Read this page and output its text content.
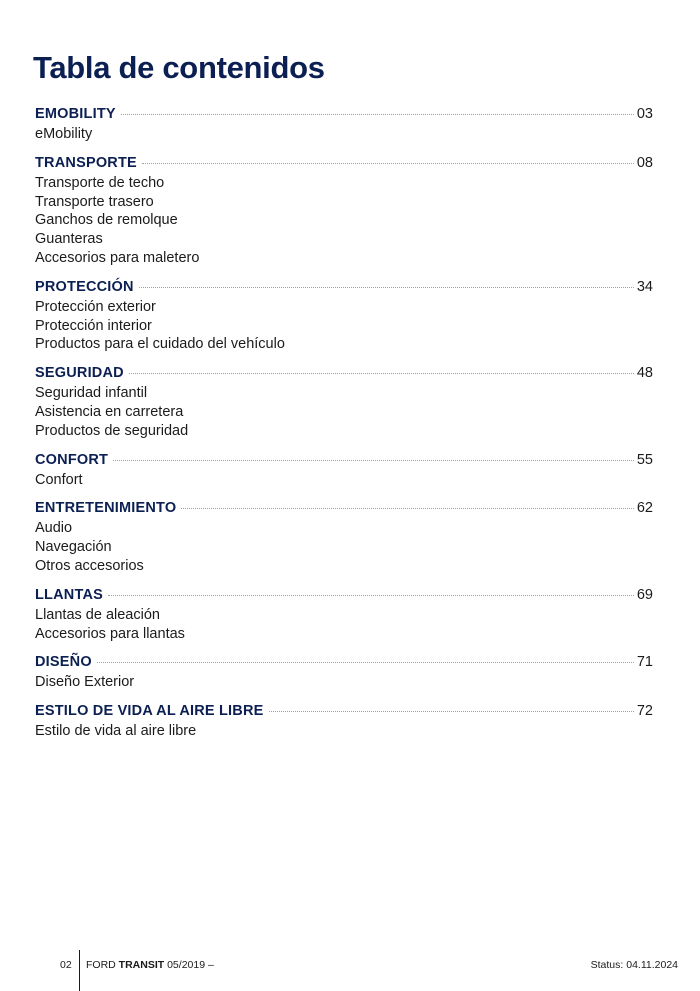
Tabla de contenidos
EMOBILITY	03
eMobility
TRANSPORTE	08
Transporte de techo
Transporte trasero
Ganchos de remolque
Guanteras
Accesorios para maletero
PROTECCIÓN	34
Protección exterior
Protección interior
Productos para el cuidado del vehículo
SEGURIDAD	48
Seguridad infantil
Asistencia en carretera
Productos de seguridad
CONFORT	55
Confort
ENTRETENIMIENTO	62
Audio
Navegación
Otros accesorios
LLANTAS	69
Llantas de aleación
Accesorios para llantas
DISEÑO	71
Diseño Exterior
ESTILO DE VIDA AL AIRE LIBRE	72
Estilo de vida al aire libre
02 FORD TRANSIT 05/2019 –	Status: 04.11.2024
